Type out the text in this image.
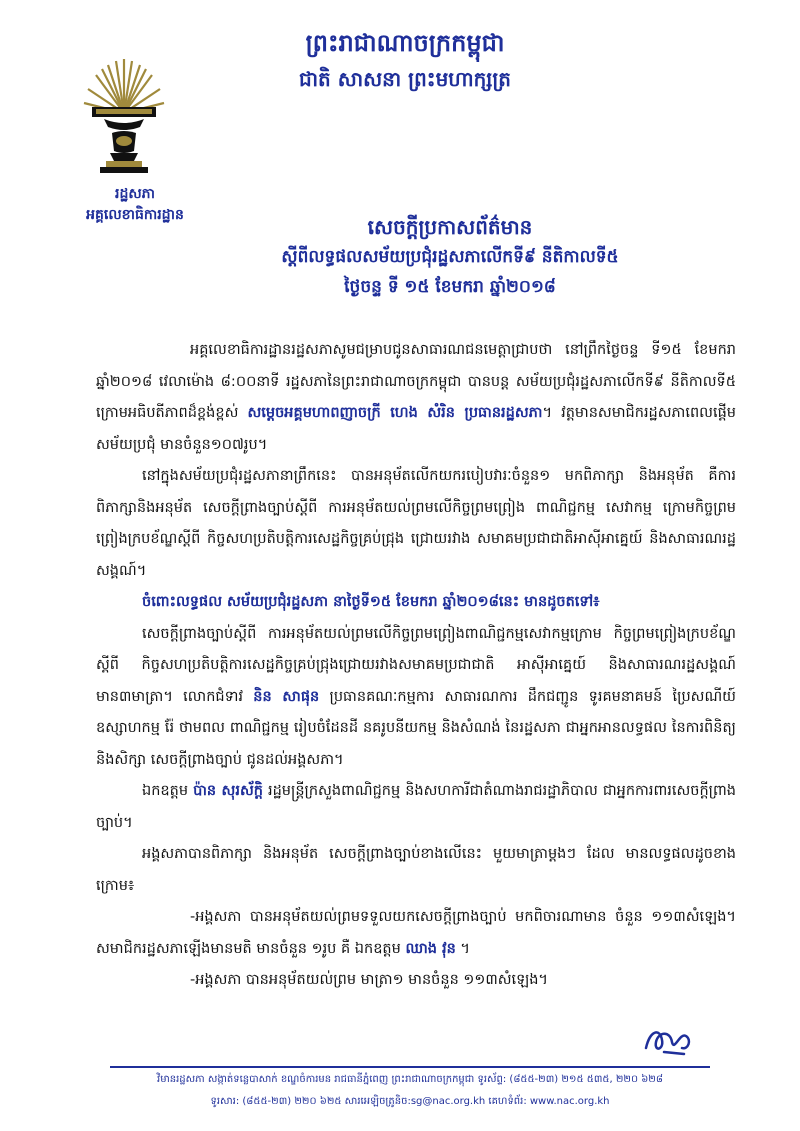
ព្រះរាជាណាចក្រកម្ពុជា
ជាតិ សាសនា ព្រះមហាក្សត្រ
រដ្ឋសភា
អគ្គលេខាធិការដ្ឋាន	សេចក្ដីប្រកាសព័ត៌មាន
ស្ដីពីលទ្ធផលសម័យប្រជុំរដ្ឋសភាលើកទី៩ នីតិកាលទី៥
ថ្ងៃចន្ទ ទី ១៥ ខែមករា ឆ្នាំ២០១៨

អគ្គលេខាធិការដ្ឋានរដ្ឋសភាសូមជម្រាបជូនសាធារណជនមេត្តាជ្រាបថា នៅព្រឹកថ្ងៃចន្ទ ទី១៥ ខែមករា ឆ្នាំ២០១៨ វេលាម៉ោង ៨:០០នាទី រដ្ឋសភានៃព្រះរាជាណាចក្រកម្ពុជា បានបន្ត សម័យប្រជុំរដ្ឋសភាលើកទី៩ នីតិកាលទី៥ ក្រោមអធិបតីភាពដ៏ខ្ពង់ខ្ពស់ សម្ដេចអគ្គមហាពញាចក្រី ហេង សំរិន ប្រធានរដ្ឋសភា។ វត្តមានសមាជិករដ្ឋសភាពេលផ្ដើមសម័យប្រជុំ មានចំនួន១០៧រូប។

នៅក្នុងសម័យប្រជុំរដ្ឋសភានាព្រឹកនេះ បានអនុម័តលើកយករបៀបវារៈចំនួន១ មកពិភាក្សា និងអនុម័ត គឺការពិភាក្សានិងអនុម័ត សេចក្ដីព្រាងច្បាប់ស្ដីពី ការអនុម័តយល់ព្រមលើកិច្ចព្រមព្រៀង ពាណិជ្ជកម្ម សេវាកម្ម ក្រោមកិច្ចព្រមព្រៀងក្របខ័ណ្ឌស្ដីពី កិច្ចសហប្រតិបត្តិការសេដ្ឋកិច្ចគ្រប់ជ្រុង ជ្រោយរវាង សមាគមប្រជាជាតិអាស៊ីអាគ្នេយ៍ និងសាធារណរដ្ឋសង្គណ៍។

ចំពោះលទ្ធផល សម័យប្រជុំរដ្ឋសភា នាថ្ងៃទី១៥ ខែមករា ឆ្នាំ២០១៨នេះ មានដូចតទៅ៖

សេចក្ដីព្រាងច្បាប់ស្ដីពី ការអនុម័តយល់ព្រមលើកិច្ចព្រមព្រៀងពាណិជ្ជកម្មសេវាកម្មក្រោម កិច្ចព្រមព្រៀងក្របខ័ណ្ឌស្ដីពី កិច្ចសហប្រតិបត្តិការសេដ្ឋកិច្ចគ្រប់ជ្រុងជ្រោយរវាងសមាគមប្រជាជាតិ អាស៊ីអាគ្នេយ៍ និងសាធារណរដ្ឋសង្គណ៍ មាន៣មាត្រា។ លោកជំទាវ និន សាផុន ប្រធានគណៈកម្មការ សាធារណការ ដឹកជញ្ជូន ទូរគមនាគមន៍ ប្រៃសណីយ៍ ឧស្សាហកម្ម រ៉ែ ថាមពល ពាណិជ្ជកម្ម រៀបចំដែនដី នគរូបនីយកម្ម និងសំណង់ នៃរដ្ឋសភា ជាអ្នកអានលទ្ធផល នៃការពិនិត្យនិងសិក្សា សេចក្ដីព្រាងច្បាប់ ជូនដល់អង្គសភា។

ឯកឧត្ដម ប៉ាន សុរស័ក្ដិ រដ្ឋមន្ត្រីក្រសួងពាណិជ្ជកម្ម និងសហការីជាតំណាងរាជរដ្ឋាភិបាល ជាអ្នកការពារសេចក្ដីព្រាងច្បាប់។

អង្គសភាបានពិភាក្សា និងអនុម័ត សេចក្ដីព្រាងច្បាប់ខាងលើនេះ មួយមាត្រាម្ដងៗ ដែល មានលទ្ធផលដូចខាងក្រោម៖

-អង្គសភា បានអនុម័តយល់ព្រមទទួលយកសេចក្ដីព្រាងច្បាប់ មកពិចារណាមាន ចំនួន ១១៣សំឡេង។ សមាជិករដ្ឋសភាឡើងមានមតិ មានចំនួន ១រូប គឺ ឯកឧត្ដម ឈាង វុន ។

-អង្គសភា បានអនុម័តយល់ព្រម មាត្រា១ មានចំនួន ១១៣សំឡេង។

វិមានរដ្ឋសភា សង្កាត់ទន្លេបាសាក់ ខណ្ឌចំការមន រាជធានីភ្នំពេញ ព្រះរាជាណាចក្រកម្ពុជា ទូរស័ព្ទ: (៨៥៥-២៣) ២១៥ ៥៣៥, ២២០ ៦២៨
ទូរសារ: (៨៥៥-២៣) ២២០ ៦២៥ សារអេឡិចត្រូនិច:sg@nac.org.kh គេហទំព័រ: www.nac.org.kh
